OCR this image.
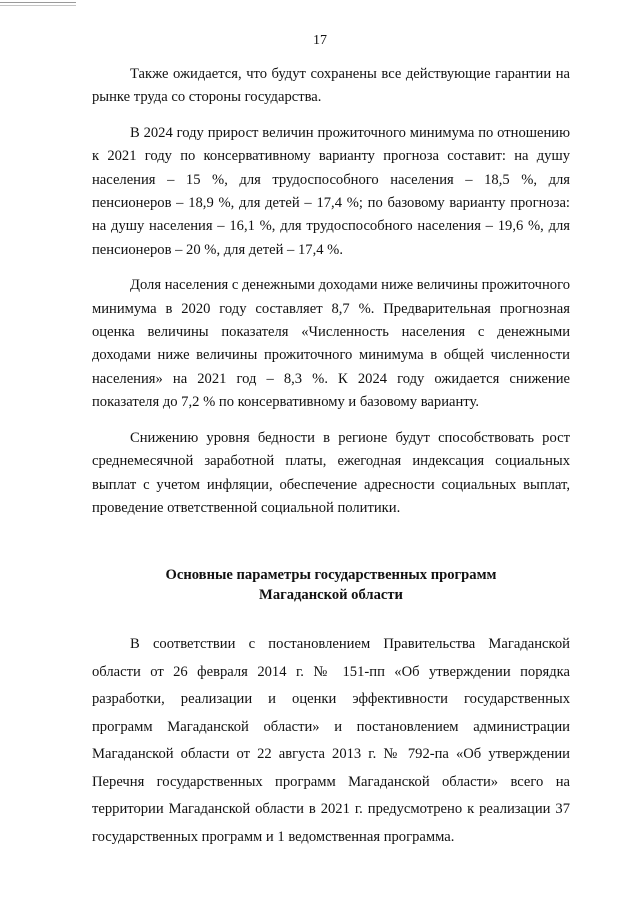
17

Также ожидается, что будут сохранены все действующие гарантии на рынке труда со стороны государства.

В 2024 году прирост величин прожиточного минимума по отношению к 2021 году по консервативному варианту прогноза составит: на душу населения – 15 %, для трудоспособного населения – 18,5 %, для пенсионеров – 18,9 %, для детей – 17,4 %; по базовому варианту прогноза: на душу населения – 16,1 %, для трудоспособного населения – 19,6 %, для пенсионеров – 20 %, для детей – 17,4 %.

Доля населения с денежными доходами ниже величины прожиточного минимума в 2020 году составляет 8,7 %. Предварительная прогнозная оценка величины показателя «Численность населения с денежными доходами ниже величины прожиточного минимума в общей численности населения» на 2021 год – 8,3 %. К 2024 году ожидается снижение показателя до 7,2 % по консервативному и базовому варианту.

Снижению уровня бедности в регионе будут способствовать рост среднемесячной заработной платы, ежегодная индексация социальных выплат с учетом инфляции, обеспечение адресности социальных выплат, проведение ответственной социальной политики.

Основные параметры государственных программ
Магаданской области

В соответствии с постановлением Правительства Магаданской области от 26 февраля 2014 г. № 151-пп «Об утверждении порядка разработки, реализации и оценки эффективности государственных программ Магаданской области» и постановлением администрации Магаданской области от 22 августа 2013 г. № 792-па «Об утверждении Перечня государственных программ Магаданской области» всего на территории Магаданской области в 2021 г. предусмотрено к реализации 37 государственных программ и 1 ведомственная программа.
